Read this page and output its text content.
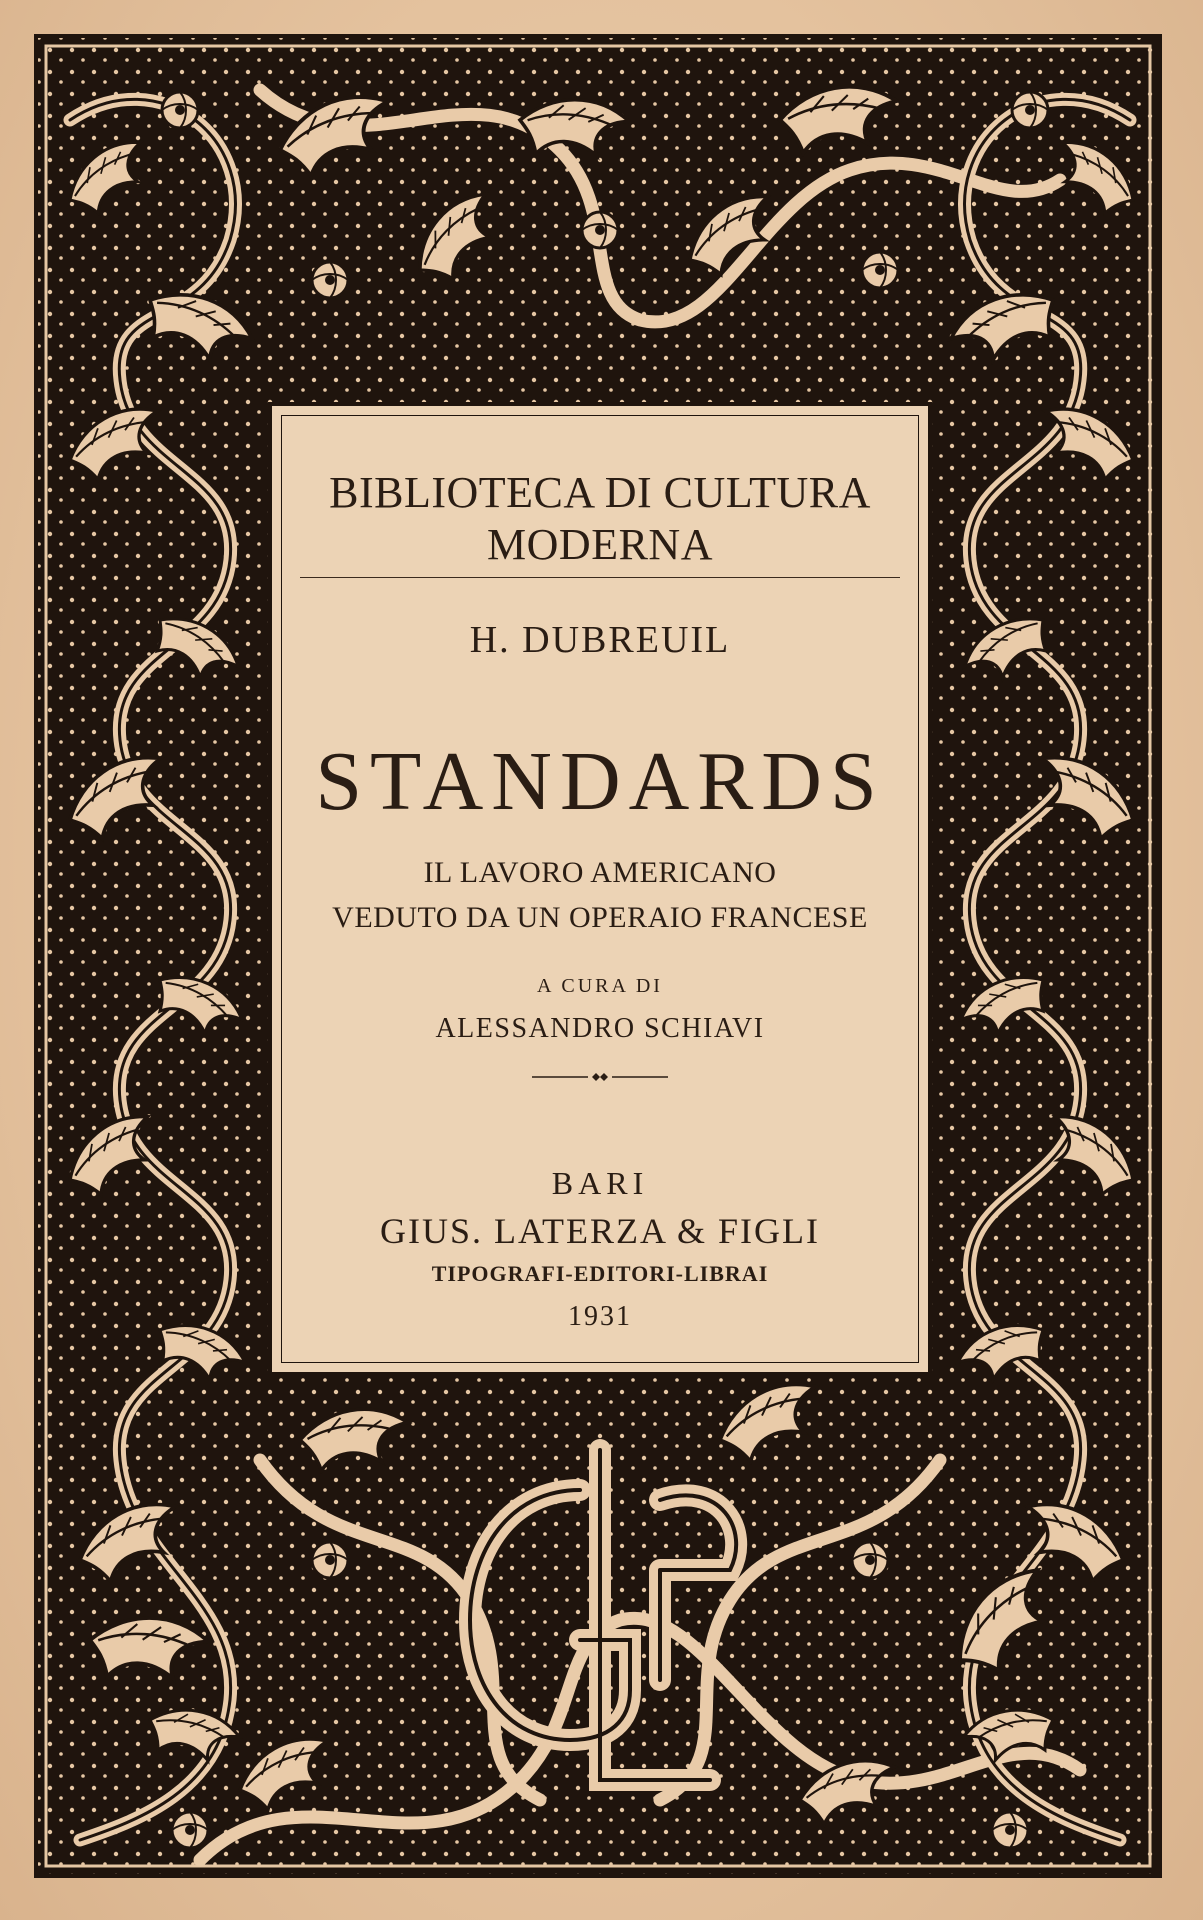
BIBLIOTECA DI CULTURA
MODERNA
H. DUBREUIL
STANDARDS
IL LAVORO AMERICANO
VEDUTO DA UN OPERAIO FRANCESE
A CURA DI
ALESSANDRO SCHIAVI
BARI
GIUS. LATERZA & FIGLI
TIPOGRAFI-EDITORI-LIBRAI
1931
